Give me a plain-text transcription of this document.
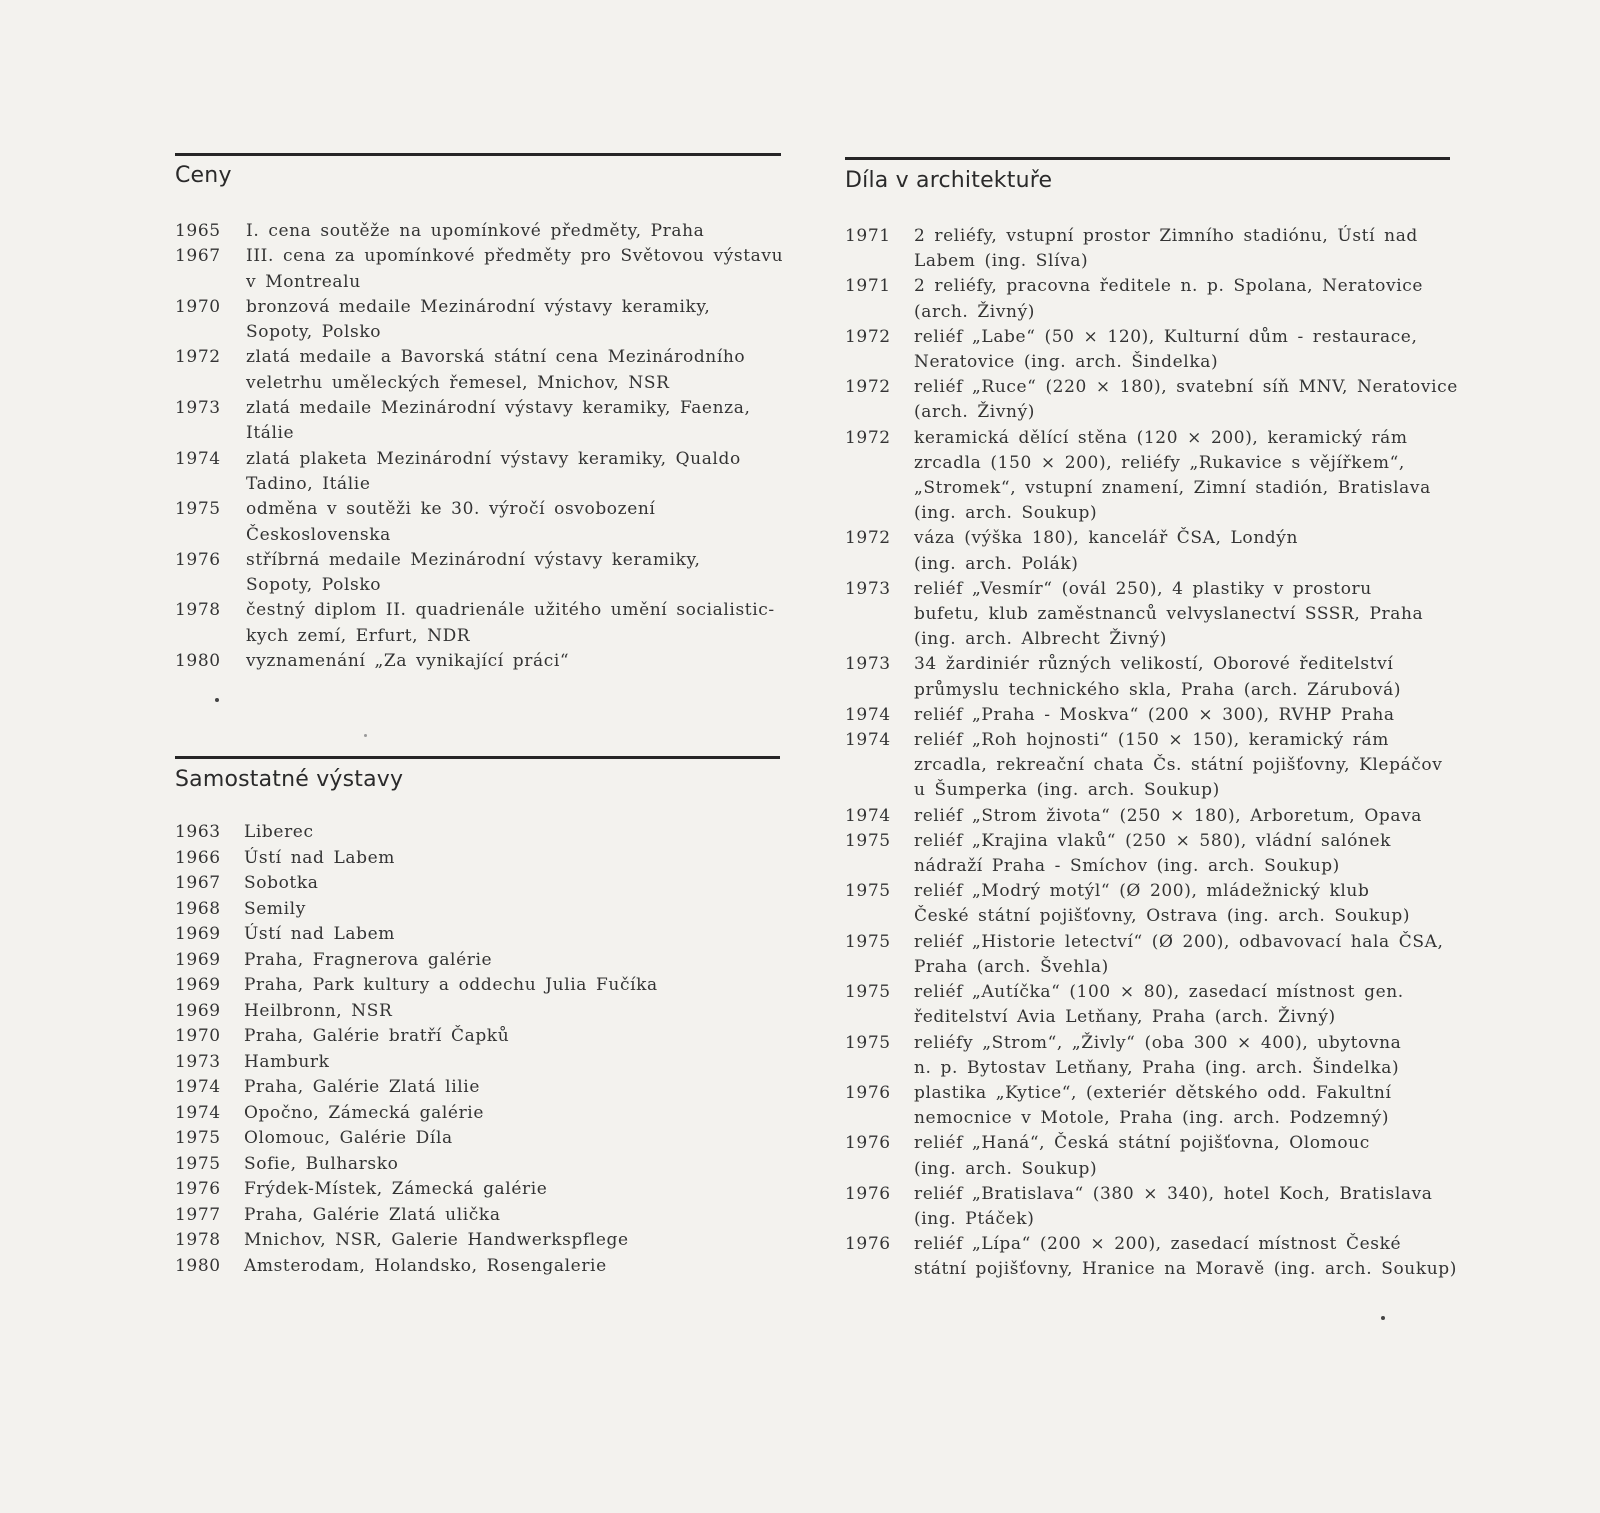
Ceny
1965	I. cena soutěže na upomínkové předměty, Praha
1967	III. cena za upomínkové předměty pro Světovou výstavu
v Montrealu
1970	bronzová medaile Mezinárodní výstavy keramiky,
Sopoty, Polsko
1972	zlatá medaile a Bavorská státní cena Mezinárodního
veletrhu uměleckých řemesel, Mnichov, NSR
1973	zlatá medaile Mezinárodní výstavy keramiky, Faenza,
Itálie
1974	zlatá plaketa Mezinárodní výstavy keramiky, Qualdo
Tadino, Itálie
1975	odměna v soutěži ke 30. výročí osvobození
Československa
1976	stříbrná medaile Mezinárodní výstavy keramiky,
Sopoty, Polsko
1978	čestný diplom II. quadrienále užitého umění socialistic-
kych zemí, Erfurt, NDR
1980	vyznamenání „Za vynikající práci“
Samostatné výstavy
1963	Liberec
1966	Ústí nad Labem
1967	Sobotka
1968	Semily
1969	Ústí nad Labem
1969	Praha, Fragnerova galérie
1969	Praha, Park kultury a oddechu Julia Fučíka
1969	Heilbronn, NSR
1970	Praha, Galérie bratří Čapků
1973	Hamburk
1974	Praha, Galérie Zlatá lilie
1974	Opočno, Zámecká galérie
1975	Olomouc, Galérie Díla
1975	Sofie, Bulharsko
1976	Frýdek-Místek, Zámecká galérie
1977	Praha, Galérie Zlatá ulička
1978	Mnichov, NSR, Galerie Handwerkspflege
1980	Amsterodam, Holandsko, Rosengalerie
Díla v architektuře
1971	2 reliéfy, vstupní prostor Zimního stadiónu, Ústí nad
Labem (ing. Slíva)
1971	2 reliéfy, pracovna ředitele n. p. Spolana, Neratovice
(arch. Živný)
1972	reliéf „Labe“ (50 × 120), Kulturní dům - restaurace,
Neratovice (ing. arch. Šindelka)
1972	reliéf „Ruce“ (220 × 180), svatební síň MNV, Neratovice
(arch. Živný)
1972	keramická dělící stěna (120 × 200), keramický rám
zrcadla (150 × 200), reliéfy „Rukavice s vějířkem“,
„Stromek“, vstupní znamení, Zimní stadión, Bratislava
(ing. arch. Soukup)
1972	váza (výška 180), kancelář ČSA, Londýn
(ing. arch. Polák)
1973	reliéf „Vesmír“ (ovál 250), 4 plastiky v prostoru
bufetu, klub zaměstnanců velvyslanectví SSSR, Praha
(ing. arch. Albrecht Živný)
1973	34 žardiniér různých velikostí, Oborové ředitelství
průmyslu technického skla, Praha (arch. Zárubová)
1974	reliéf „Praha - Moskva“ (200 × 300), RVHP Praha
1974	reliéf „Roh hojnosti“ (150 × 150), keramický rám
zrcadla, rekreační chata Čs. státní pojišťovny, Klepáčov
u Šumperka (ing. arch. Soukup)
1974	reliéf „Strom života“ (250 × 180), Arboretum, Opava
1975	reliéf „Krajina vlaků“ (250 × 580), vládní salónek
nádraží Praha - Smíchov (ing. arch. Soukup)
1975	reliéf „Modrý motýl“ (Ø 200), mládežnický klub
České státní pojišťovny, Ostrava (ing. arch. Soukup)
1975	reliéf „Historie letectví“ (Ø 200), odbavovací hala ČSA,
Praha (arch. Švehla)
1975	reliéf „Autíčka“ (100 × 80), zasedací místnost gen.
ředitelství Avia Letňany, Praha (arch. Živný)
1975	reliéfy „Strom“, „Živly“ (oba 300 × 400), ubytovna
n. p. Bytostav Letňany, Praha (ing. arch. Šindelka)
1976	plastika „Kytice“, (exteriér dětského odd. Fakultní
nemocnice v Motole, Praha (ing. arch. Podzemný)
1976	reliéf „Haná“, Česká státní pojišťovna, Olomouc
(ing. arch. Soukup)
1976	reliéf „Bratislava“ (380 × 340), hotel Koch, Bratislava
(ing. Ptáček)
1976	reliéf „Lípa“ (200 × 200), zasedací místnost České
státní pojišťovny, Hranice na Moravě (ing. arch. Soukup)
